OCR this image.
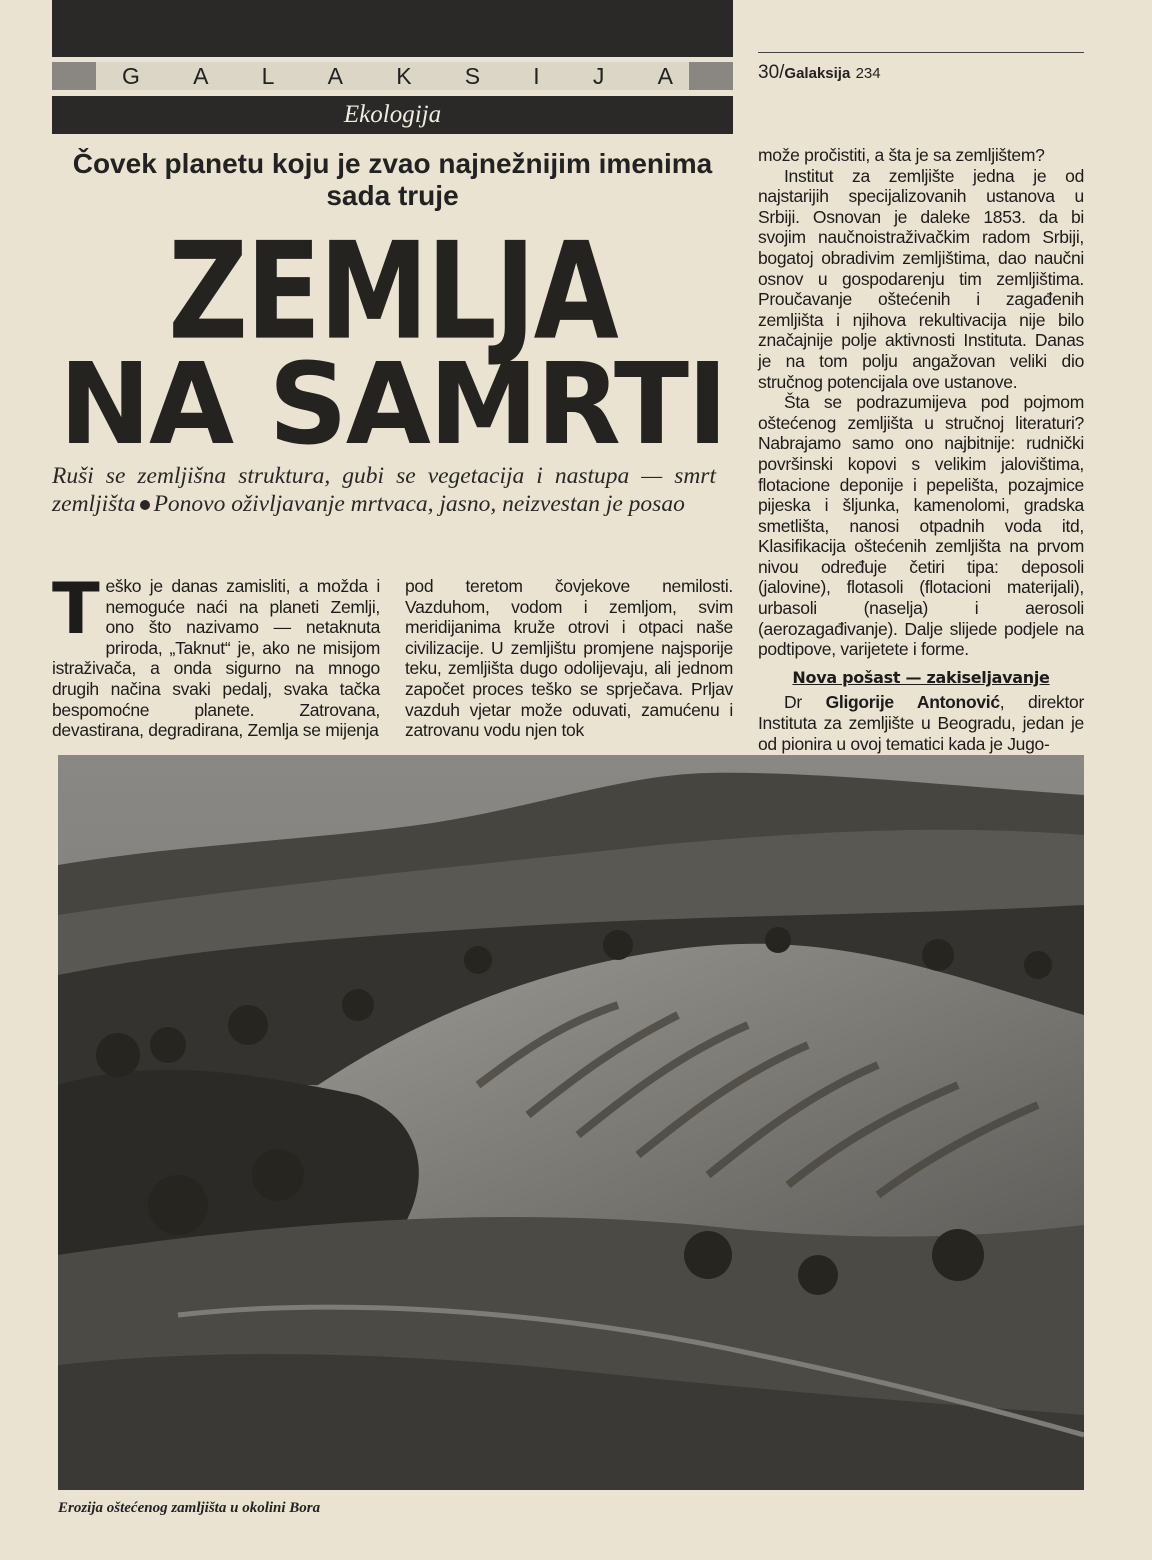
G A L A K S I J A
Ekologija
30/Galaksija 234
Čovek planetu koju je zvao najnežnijim imenima sada truje
ZEMLJA
NA SAMRTI
Ruši se zemljišna struktura, gubi se vegetacija i nastupa — smrt zemljišta Ponovo oživljavanje mrtvaca, jasno, neizvestan je posao

Teško je danas zamisliti, a možda i nemoguće naći na planeti Zemlji, ono što nazivamo — netaknuta priroda, „Taknut“ je, ako ne misijom istraživača, a onda sigurno na mnogo drugih načina svaki pedalj, svaka tačka bespomoćne planete. Zatrovana, devastirana, degradirana, Zemlja se mijenja

pod teretom čovjekove nemilosti. Vazduhom, vodom i zemljom, svim meridijanima kruže otrovi i otpaci naše civilizacije. U zemljištu promjene najsporije teku, zemljišta dugo odolijevaju, ali jednom započet proces teško se sprječava. Prljav vazduh vjetar može oduvati, zamućenu i zatrovanu vodu njen tok

može pročistiti, a šta je sa zemljištem?

Institut za zemljište jedna je od najstarijih specijalizovanih ustanova u Srbiji. Osnovan je daleke 1853. da bi svojim naučnoistraživačkim radom Srbiji, bogatoj obradivim zemljištima, dao naučni osnov u gospodarenju tim zemljištima. Proučavanje oštećenih i zagađenih zemljišta i njihova rekultivacija nije bilo značajnije polje aktivnosti Instituta. Danas je na tom polju angažovan veliki dio stručnog potencijala ove ustanove.

Šta se podrazumijeva pod pojmom oštećenog zemljišta u stručnoj literaturi? Nabrajamo samo ono najbitnije: rudnički površinski kopovi s velikim jalovištima, flotacione deponije i pepelišta, pozajmice pijeska i šljunka, kamenolomi, gradska smetlišta, nanosi otpadnih voda itd, Klasifikacija oštećenih zemljišta na prvom nivou određuje četiri tipa: deposoli (jalovine), flotasoli (flotacioni materijali), urbasoli (naselja) i aerosoli (aerozagađivanje). Dalje slijede podjele na podtipove, varijetete i forme.

Nova pošast — zakiseljavanje

Dr Gligorije Antonović, direktor Instituta za zemljište u Beogradu, jedan je od pionira u ovoj tematici kada je Jugo-

Erozija oštećenog zamljišta u okolini Bora
